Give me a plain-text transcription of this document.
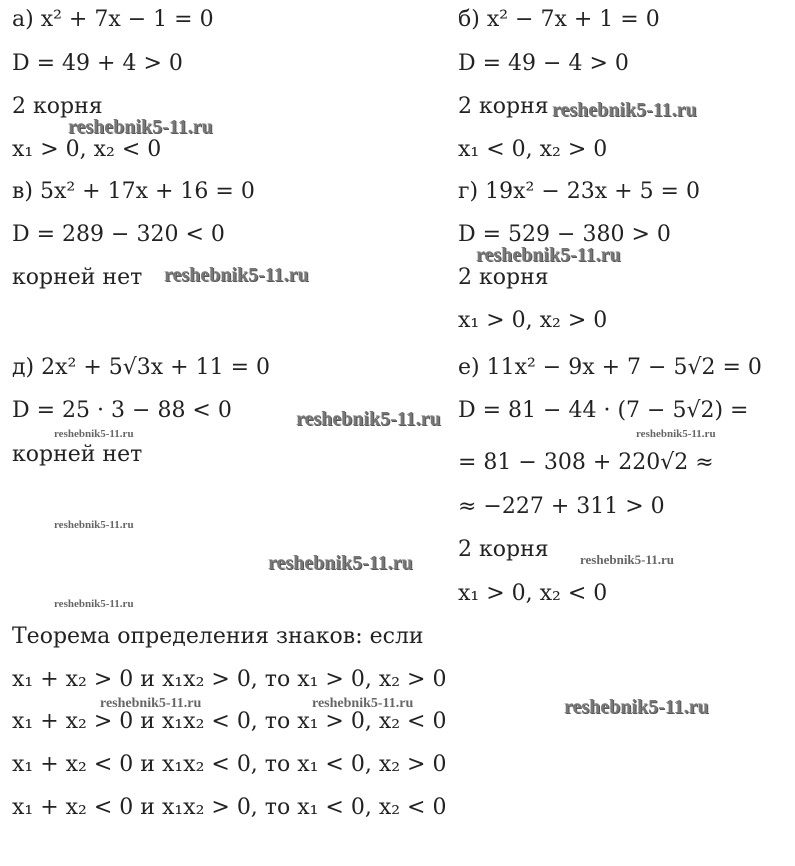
а) x² + 7x − 1 = 0
D = 49 + 4 > 0
2 корня
x₁ > 0, x₂ < 0
в) 5x² + 17x + 16 = 0
D = 289 − 320 < 0
корней нет
д) 2x² + 5√3x + 11 = 0
D = 25 · 3 − 88 < 0
корней нет
б) x² − 7x + 1 = 0
D = 49 − 4 > 0
2 корня
x₁ < 0, x₂ > 0
г) 19x² − 23x + 5 = 0
D = 529 − 380 > 0
2 корня
x₁ > 0, x₂ > 0
е) 11x² − 9x + 7 − 5√2 = 0
D = 81 − 44 · (7 − 5√2) =
= 81 − 308 + 220√2 ≈
≈ −227 + 311 > 0
2 корня
x₁ > 0, x₂ < 0
Теорема определения знаков: если
x₁ + x₂ > 0 и x₁x₂ > 0, то x₁ > 0, x₂ > 0
x₁ + x₂ > 0 и x₁x₂ < 0, то x₁ > 0, x₂ < 0
x₁ + x₂ < 0 и x₁x₂ < 0, то x₁ < 0, x₂ > 0
x₁ + x₂ < 0 и x₁x₂ > 0, то x₁ < 0, x₂ < 0
reshebnik5-11.ru
reshebnik5-11.ru
reshebnik5-11.ru
reshebnik5-11.ru
reshebnik5-11.ru
reshebnik5-11.ru
reshebnik5-11.ru
reshebnik5-11.ru	reshebnik5-11.ru
reshebnik5-11.ru
reshebnik5-11.ru
reshebnik5-11.ru
reshebnik5-11.ru	reshebnik5-11.ru
